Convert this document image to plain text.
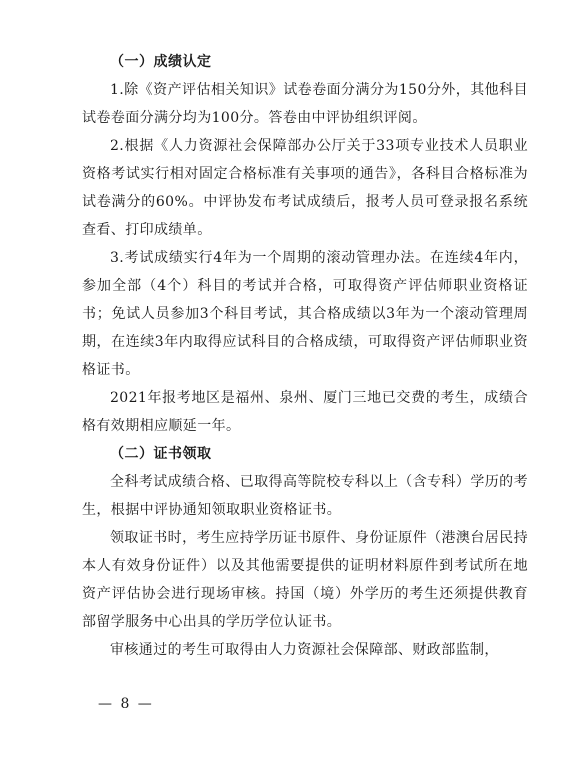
（一）成绩认定

1.除《资产评估相关知识》试卷卷面分满分为150分外，其他科目试卷卷面分满分均为100分。答卷由中评协组织评阅。

2.根据《人力资源社会保障部办公厅关于33项专业技术人员职业资格考试实行相对固定合格标准有关事项的通告》，各科目合格标准为试卷满分的60%。中评协发布考试成绩后，报考人员可登录报名系统查看、打印成绩单。

3.考试成绩实行4年为一个周期的滚动管理办法。在连续4年内，参加全部（4个）科目的考试并合格，可取得资产评估师职业资格证书；免试人员参加3个科目考试，其合格成绩以3年为一个滚动管理周期，在连续3年内取得应试科目的合格成绩，可取得资产评估师职业资格证书。

2021年报考地区是福州、泉州、厦门三地已交费的考生，成绩合格有效期相应顺延一年。

（二）证书领取

全科考试成绩合格、已取得高等院校专科以上（含专科）学历的考生，根据中评协通知领取职业资格证书。

领取证书时，考生应持学历证书原件、身份证原件（港澳台居民持本人有效身份证件）以及其他需要提供的证明材料原件到考试所在地资产评估协会进行现场审核。持国（境）外学历的考生还须提供教育部留学服务中心出具的学历学位认证书。

审核通过的考生可取得由人力资源社会保障部、财政部监制，

— 8 —
